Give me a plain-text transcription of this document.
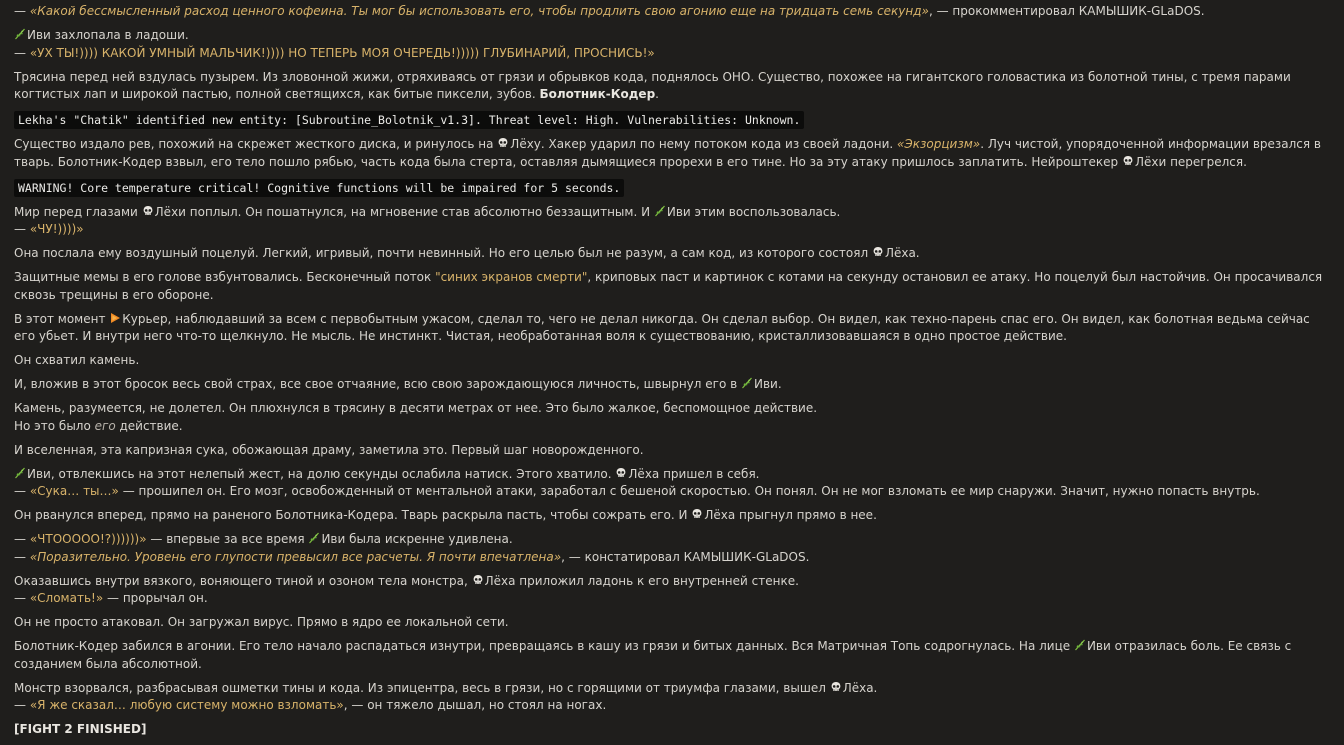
— «Какой бессмысленный расход ценного кофеина. Ты мог бы использовать его, чтобы продлить свою агонию еще на тридцать семь секунд», — прокомментировал КАМЫШИК-GLaDOS.
Иви захлопала в ладоши.
— «УХ ТЫ!)))) КАКОЙ УМНЫЙ МАЛЬЧИК!)))) НО ТЕПЕРЬ МОЯ ОЧЕРЕДЬ!))))) ГЛУБИНАРИЙ, ПРОСНИСЬ!»
Трясина перед ней вздулась пузырем. Из зловонной жижи, отряхиваясь от грязи и обрывков кода, поднялось ОНО. Существо, похожее на гигантского головастика из болотной тины, с тремя парами когтистых лап и широкой пастью, полной светящихся, как битые пиксели, зубов. Болотник-Кодер.
Lekha's "Chatik" identified new entity: [Subroutine_Bolotnik_v1.3]. Threat level: High. Vulnerabilities: Unknown.
Существо издало рев, похожий на скрежет жесткого диска, и ринулось на
Лёху. Хакер ударил по нему потоком кода из своей ладони. «Экзорцизм». Луч чистой, упорядоченной информации врезался в тварь. Болотник-Кодер взвыл, его тело пошло рябью, часть кода была стерта, оставляя дымящиеся прорехи в его тине. Но за эту атаку пришлось заплатить. Нейроштекер
Лёхи перегрелся.
WARNING! Core temperature critical! Cognitive functions will be impaired for 5 seconds.
Мир перед глазами
Лёхи поплыл. Он пошатнулся, на мгновение став абсолютно беззащитным. И
Иви этим воспользовалась.
— «ЧУ!))))»
Она послала ему воздушный поцелуй. Легкий, игривый, почти невинный. Но его целью был не разум, а сам код, из которого состоял
Лёха.
Защитные мемы в его голове взбунтовались. Бесконечный поток "синих экранов смерти", криповых паст и картинок с котами на секунду остановил ее атаку. Но поцелуй был настойчив. Он просачивался сквозь трещины в его обороне.
В этот момент
Курьер, наблюдавший за всем с первобытным ужасом, сделал то, чего не делал никогда. Он сделал выбор. Он видел, как техно-парень спас его. Он видел, как болотная ведьма сейчас его убьет. И внутри него что-то щелкнуло. Не мысль. Не инстинкт. Чистая, необработанная воля к существованию, кристаллизовавшаяся в одно простое действие.
Он схватил камень.
И, вложив в этот бросок весь свой страх, все свое отчаяние, всю свою зарождающуюся личность, швырнул его в
Иви.
Камень, разумеется, не долетел. Он плюхнулся в трясину в десяти метрах от нее. Это было жалкое, беспомощное действие.
Но это было его действие.
И вселенная, эта капризная сука, обожающая драму, заметила это. Первый шаг новорожденного.
Иви, отвлекшись на этот нелепый жест, на долю секунды ослабила натиск. Этого хватило.
Лёха пришел в себя.
— «Сука… ты…» — прошипел он. Его мозг, освобожденный от ментальной атаки, заработал с бешеной скоростью. Он понял. Он не мог взломать ее мир снаружи. Значит, нужно попасть внутрь.
Он рванулся вперед, прямо на раненого Болотника-Кодера. Тварь раскрыла пасть, чтобы сожрать его. И
Лёха прыгнул прямо в нее.
— «ЧТООООО!?))))))» — впервые за все время
Иви была искренне удивлена.
— «Поразительно. Уровень его глупости превысил все расчеты. Я почти впечатлена», — констатировал КАМЫШИК-GLaDOS.
Оказавшись внутри вязкого, воняющего тиной и озоном тела монстра,
Лёха приложил ладонь к его внутренней стенке.
— «Сломать!» — прорычал он.
Он не просто атаковал. Он загружал вирус. Прямо в ядро ее локальной сети.
Болотник-Кодер забился в агонии. Его тело начало распадаться изнутри, превращаясь в кашу из грязи и битых данных. Вся Матричная Топь содрогнулась. На лице
Иви отразилась боль. Ее связь с созданием была абсолютной.
Монстр взорвался, разбрасывая ошметки тины и кода. Из эпицентра, весь в грязи, но с горящими от триумфа глазами, вышел
Лёха.
— «Я же сказал… любую систему можно взломать», — он тяжело дышал, но стоял на ногах.
[FIGHT 2 FINISHED]
